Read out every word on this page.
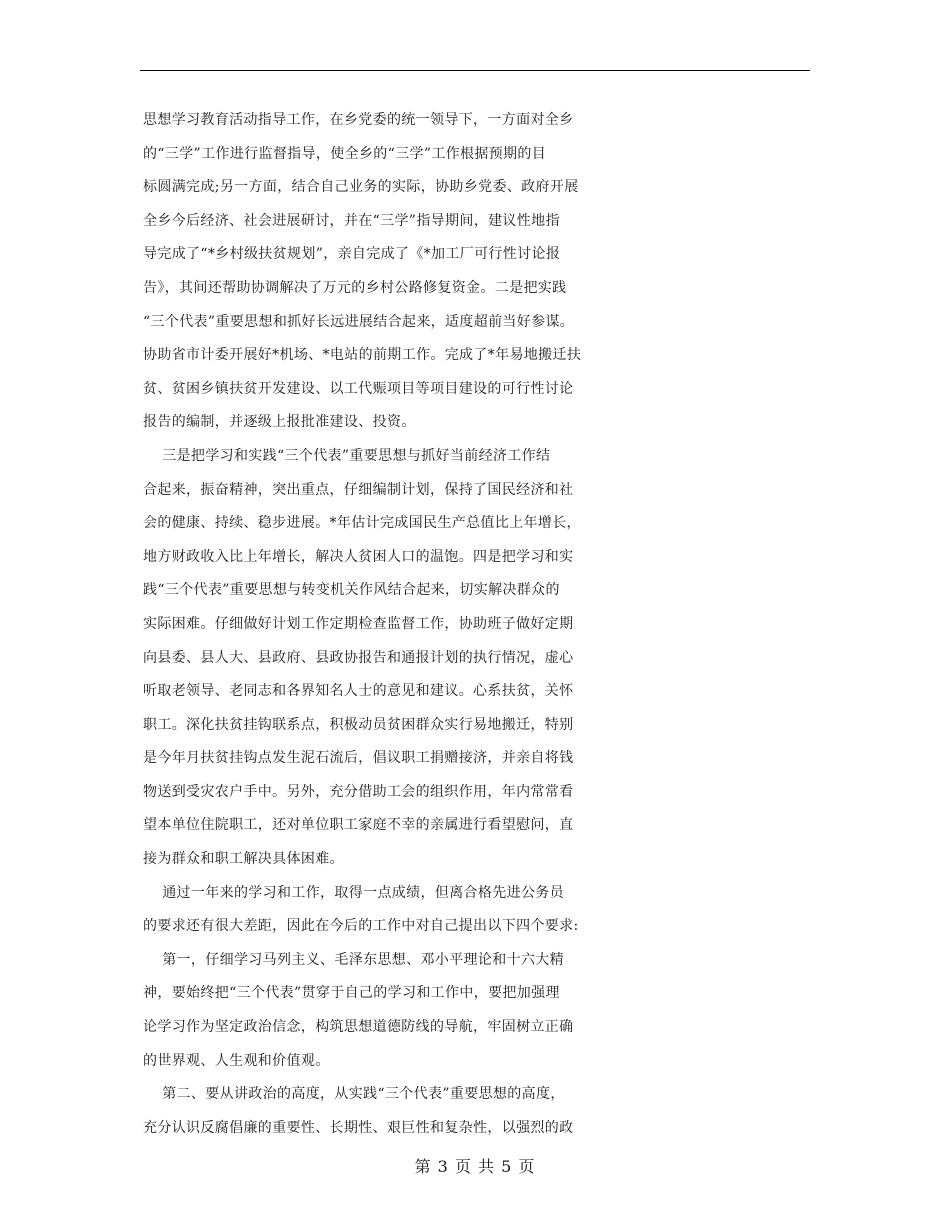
思想学习教育活动指导工作，在乡党委的统一领导下，一方面对全乡
的“三学”工作进行监督指导，使全乡的“三学”工作根据预期的目
标圆满完成;另一方面，结合自己业务的实际，协助乡党委、政府开展
全乡今后经济、社会进展研讨，并在“三学”指导期间，建议性地指
导完成了“*乡村级扶贫规划”，亲自完成了《*加工厂可行性讨论报
告》，其间还帮助协调解决了万元的乡村公路修复资金。二是把实践
“三个代表”重要思想和抓好长远进展结合起来，适度超前当好参谋。
协助省市计委开展好*机场、*电站的前期工作。完成了*年易地搬迁扶
贫、贫困乡镇扶贫开发建设、以工代赈项目等项目建设的可行性讨论
报告的编制，并逐级上报批准建设、投资。
三是把学习和实践“三个代表”重要思想与抓好当前经济工作结
合起来，振奋精神，突出重点，仔细编制计划，保持了国民经济和社
会的健康、持续、稳步进展。*年估计完成国民生产总值比上年增长，
地方财政收入比上年增长，解决人贫困人口的温饱。四是把学习和实
践“三个代表”重要思想与转变机关作风结合起来，切实解决群众的
实际困难。仔细做好计划工作定期检查监督工作，协助班子做好定期
向县委、县人大、县政府、县政协报告和通报计划的执行情况，虚心
听取老领导、老同志和各界知名人士的意见和建议。心系扶贫，关怀
职工。深化扶贫挂钩联系点，积极动员贫困群众实行易地搬迁，特别
是今年月扶贫挂钩点发生泥石流后，倡议职工捐赠接济，并亲自将钱
物送到受灾农户手中。另外，充分借助工会的组织作用，年内常常看
望本单位住院职工，还对单位职工家庭不幸的亲属进行看望慰问，直
接为群众和职工解决具体困难。
通过一年来的学习和工作，取得一点成绩，但离合格先进公务员
的要求还有很大差距，因此在今后的工作中对自己提出以下四个要求:
第一，仔细学习马列主义、毛泽东思想、邓小平理论和十六大精
神，要始终把“三个代表”贯穿于自己的学习和工作中，要把加强理
论学习作为坚定政治信念，构筑思想道德防线的导航，牢固树立正确
的世界观、人生观和价值观。
第二、要从讲政治的高度，从实践“三个代表”重要思想的高度，
充分认识反腐倡廉的重要性、长期性、艰巨性和复杂性，以强烈的政
第 3 页 共 5 页
